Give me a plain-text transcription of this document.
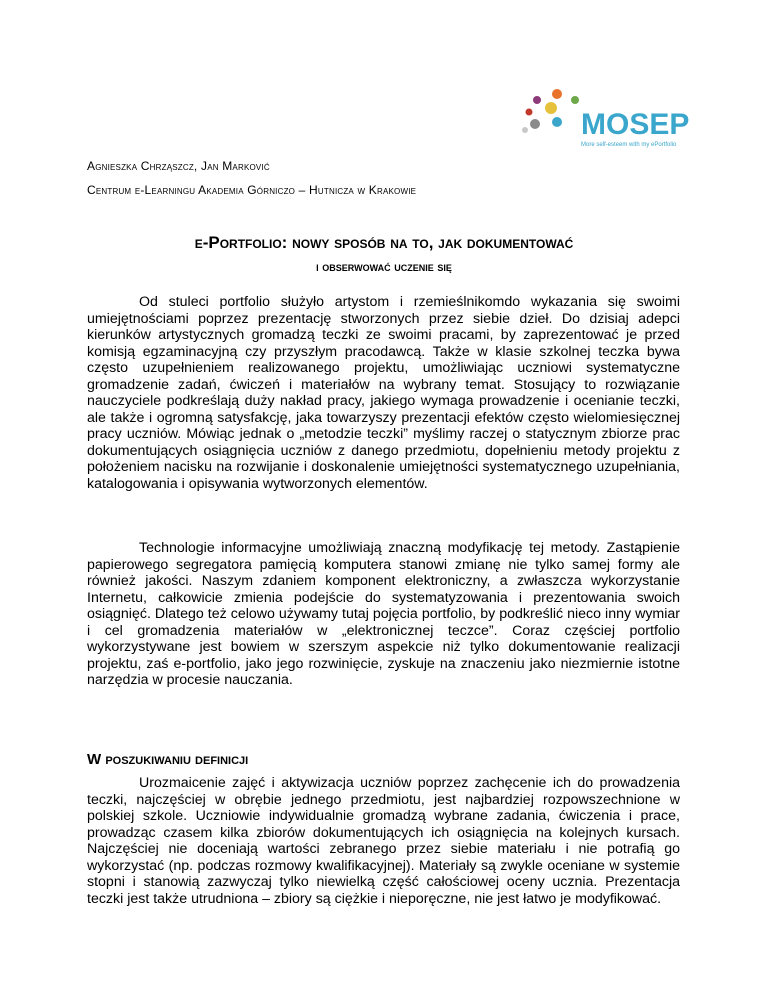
MOSEP
More self-esteem with my ePortfolio
Agnieszka Chrząszcz, Jan Marković
Centrum e-Learningu Akademia Górniczo – Hutnicza w Krakowie
e-Portfolio: nowy sposób na to, jak dokumentować
i obserwować uczenie się
Od stuleci portfolio służyło artystom i rzemieślnikomdo wykazania się swoimi umiejętnościami poprzez prezentację stworzonych przez siebie dzieł. Do dzisiaj adepci kierunków artystycznych gromadzą teczki ze swoimi pracami, by zaprezentować je przed komisją egzaminacyjną czy przyszłym pracodawcą. Także w klasie szkolnej teczka bywa często uzupełnieniem realizowanego projektu, umożliwiając uczniowi systematyczne gromadzenie zadań, ćwiczeń i materiałów na wybrany temat. Stosujący to rozwiązanie nauczyciele podkreślają duży nakład pracy, jakiego wymaga prowadzenie i ocenianie teczki, ale także i ogromną satysfakcję, jaka towarzyszy prezentacji efektów często wielomiesięcznej pracy uczniów. Mówiąc jednak o „metodzie teczki” myślimy raczej o statycznym zbiorze prac dokumentujących osiągnięcia uczniów z danego przedmiotu, dopełnieniu metody projektu z położeniem nacisku na rozwijanie i doskonalenie umiejętności systematycznego uzupełniania, katalogowania i opisywania wytworzonych elementów.
Technologie informacyjne umożliwiają znaczną modyfikację tej metody. Zastąpienie papierowego segregatora pamięcią komputera stanowi zmianę nie tylko samej formy ale również jakości. Naszym zdaniem komponent elektroniczny, a zwłaszcza wykorzystanie Internetu, całkowicie zmienia podejście do systematyzowania i prezentowania swoich osiągnięć. Dlatego też celowo używamy tutaj pojęcia portfolio, by podkreślić nieco inny wymiar i cel gromadzenia materiałów w „elektronicznej teczce”. Coraz częściej portfolio wykorzystywane jest bowiem w szerszym aspekcie niż tylko dokumentowanie realizacji projektu, zaś e-portfolio, jako jego rozwinięcie, zyskuje na znaczeniu jako niezmiernie istotne narzędzia w procesie nauczania.
W poszukiwaniu definicji
Urozmaicenie zajęć i aktywizacja uczniów poprzez zachęcenie ich do prowadzenia teczki, najczęściej w obrębie jednego przedmiotu, jest najbardziej rozpowszechnione w polskiej szkole. Uczniowie indywidualnie gromadzą wybrane zadania, ćwiczenia i prace, prowadząc czasem kilka zbiorów dokumentujących ich osiągnięcia na kolejnych kursach. Najczęściej nie doceniają wartości zebranego przez siebie materiału i nie potrafią go wykorzystać (np. podczas rozmowy kwalifikacyjnej). Materiały są zwykle oceniane w systemie stopni i stanowią zazwyczaj tylko niewielką część całościowej oceny ucznia. Prezentacja teczki jest także utrudniona – zbiory są ciężkie i nieporęczne, nie jest łatwo je modyfikować.
